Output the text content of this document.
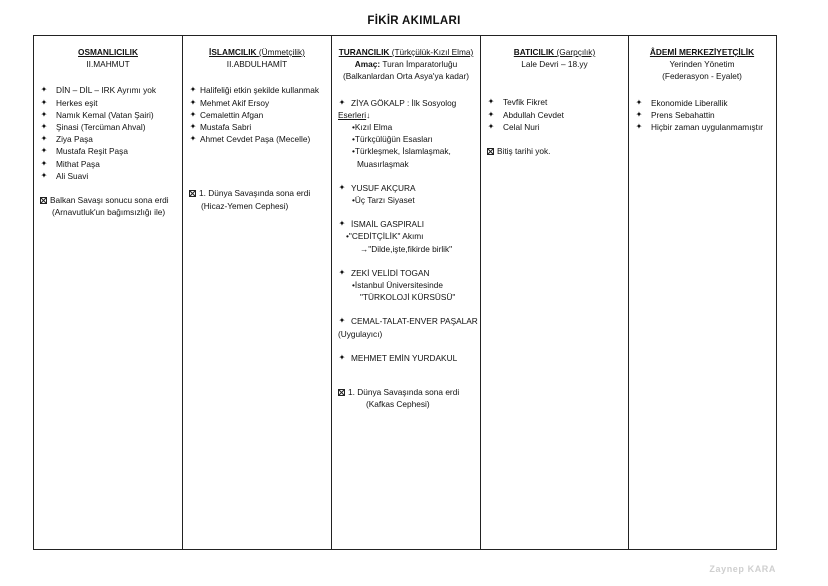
FİKİR AKIMLARI
OSMANLICILIK
II.MAHMUT
✦ DİN – DİL – IRK Ayrımı yok
✦ Herkes eşit
✦ Namık Kemal (Vatan Şairi)
✦ Şinasi (Tercüman Ahval)
✦ Ziya Paşa
✦ Mustafa Reşit Paşa
✦ Mithat Paşa
✦ Ali Suavi
Balkan Savaşı sonucu sona erdi
(Arnavutluk'un bağımsızlığı ile)
İSLAMCILIK (Ümmetçilik)
II.ABDULHAMİT
✦ Halifeliği etkin şekilde kullanmak
✦ Mehmet Akif Ersoy
✦ Cemalettin Afgan
✦ Mustafa Sabri
✦ Ahmet Cevdet Paşa (Mecelle)
1. Dünya Savaşında sona erdi
(Hicaz-Yemen Cephesi)
TURANCILIK (Türkçülük-Kızıl Elma)
Amaç: Turan İmparatorluğu
(Balkanlardan Orta Asya'ya kadar)
✦ ZİYA GÖKALP : İlk Sosyolog
Eserleri↓
•Kızıl Elma
•Türkçülüğün Esasları
•Türkleşmek, İslamlaşmak,
Muasırlaşmak
✦ YUSUF AKÇURA
•Üç Tarzı Siyaset
✦ İSMAİL GASPIRALI
•"CEDİTÇİLİK" Akımı
→"Dilde,işte,fikirde birlik"
✦ ZEKİ VELİDİ TOGAN
•İstanbul Üniversitesinde
"TÜRKOLOJİ KÜRSÜSÜ"
✦ CEMAL-TALAT-ENVER PAŞALAR
(Uygulayıcı)
✦ MEHMET EMİN YURDAKUL
1. Dünya Savaşında sona erdi
(Kafkas Cephesi)
BATICILIK (Garpçılık)
Lale Devri – 18.yy
✦ Tevfik Fikret
✦ Abdullah Cevdet
✦ Celal Nuri
Bitiş tarihi yok.
ÂDEMİ MERKEZİYETÇİLİK
Yerinden Yönetim
(Federasyon - Eyalet)
✦ Ekonomide Liberallik
✦ Prens Sebahattin
✦ Hiçbir zaman uygulanmamıştır
Zaynep KARA
